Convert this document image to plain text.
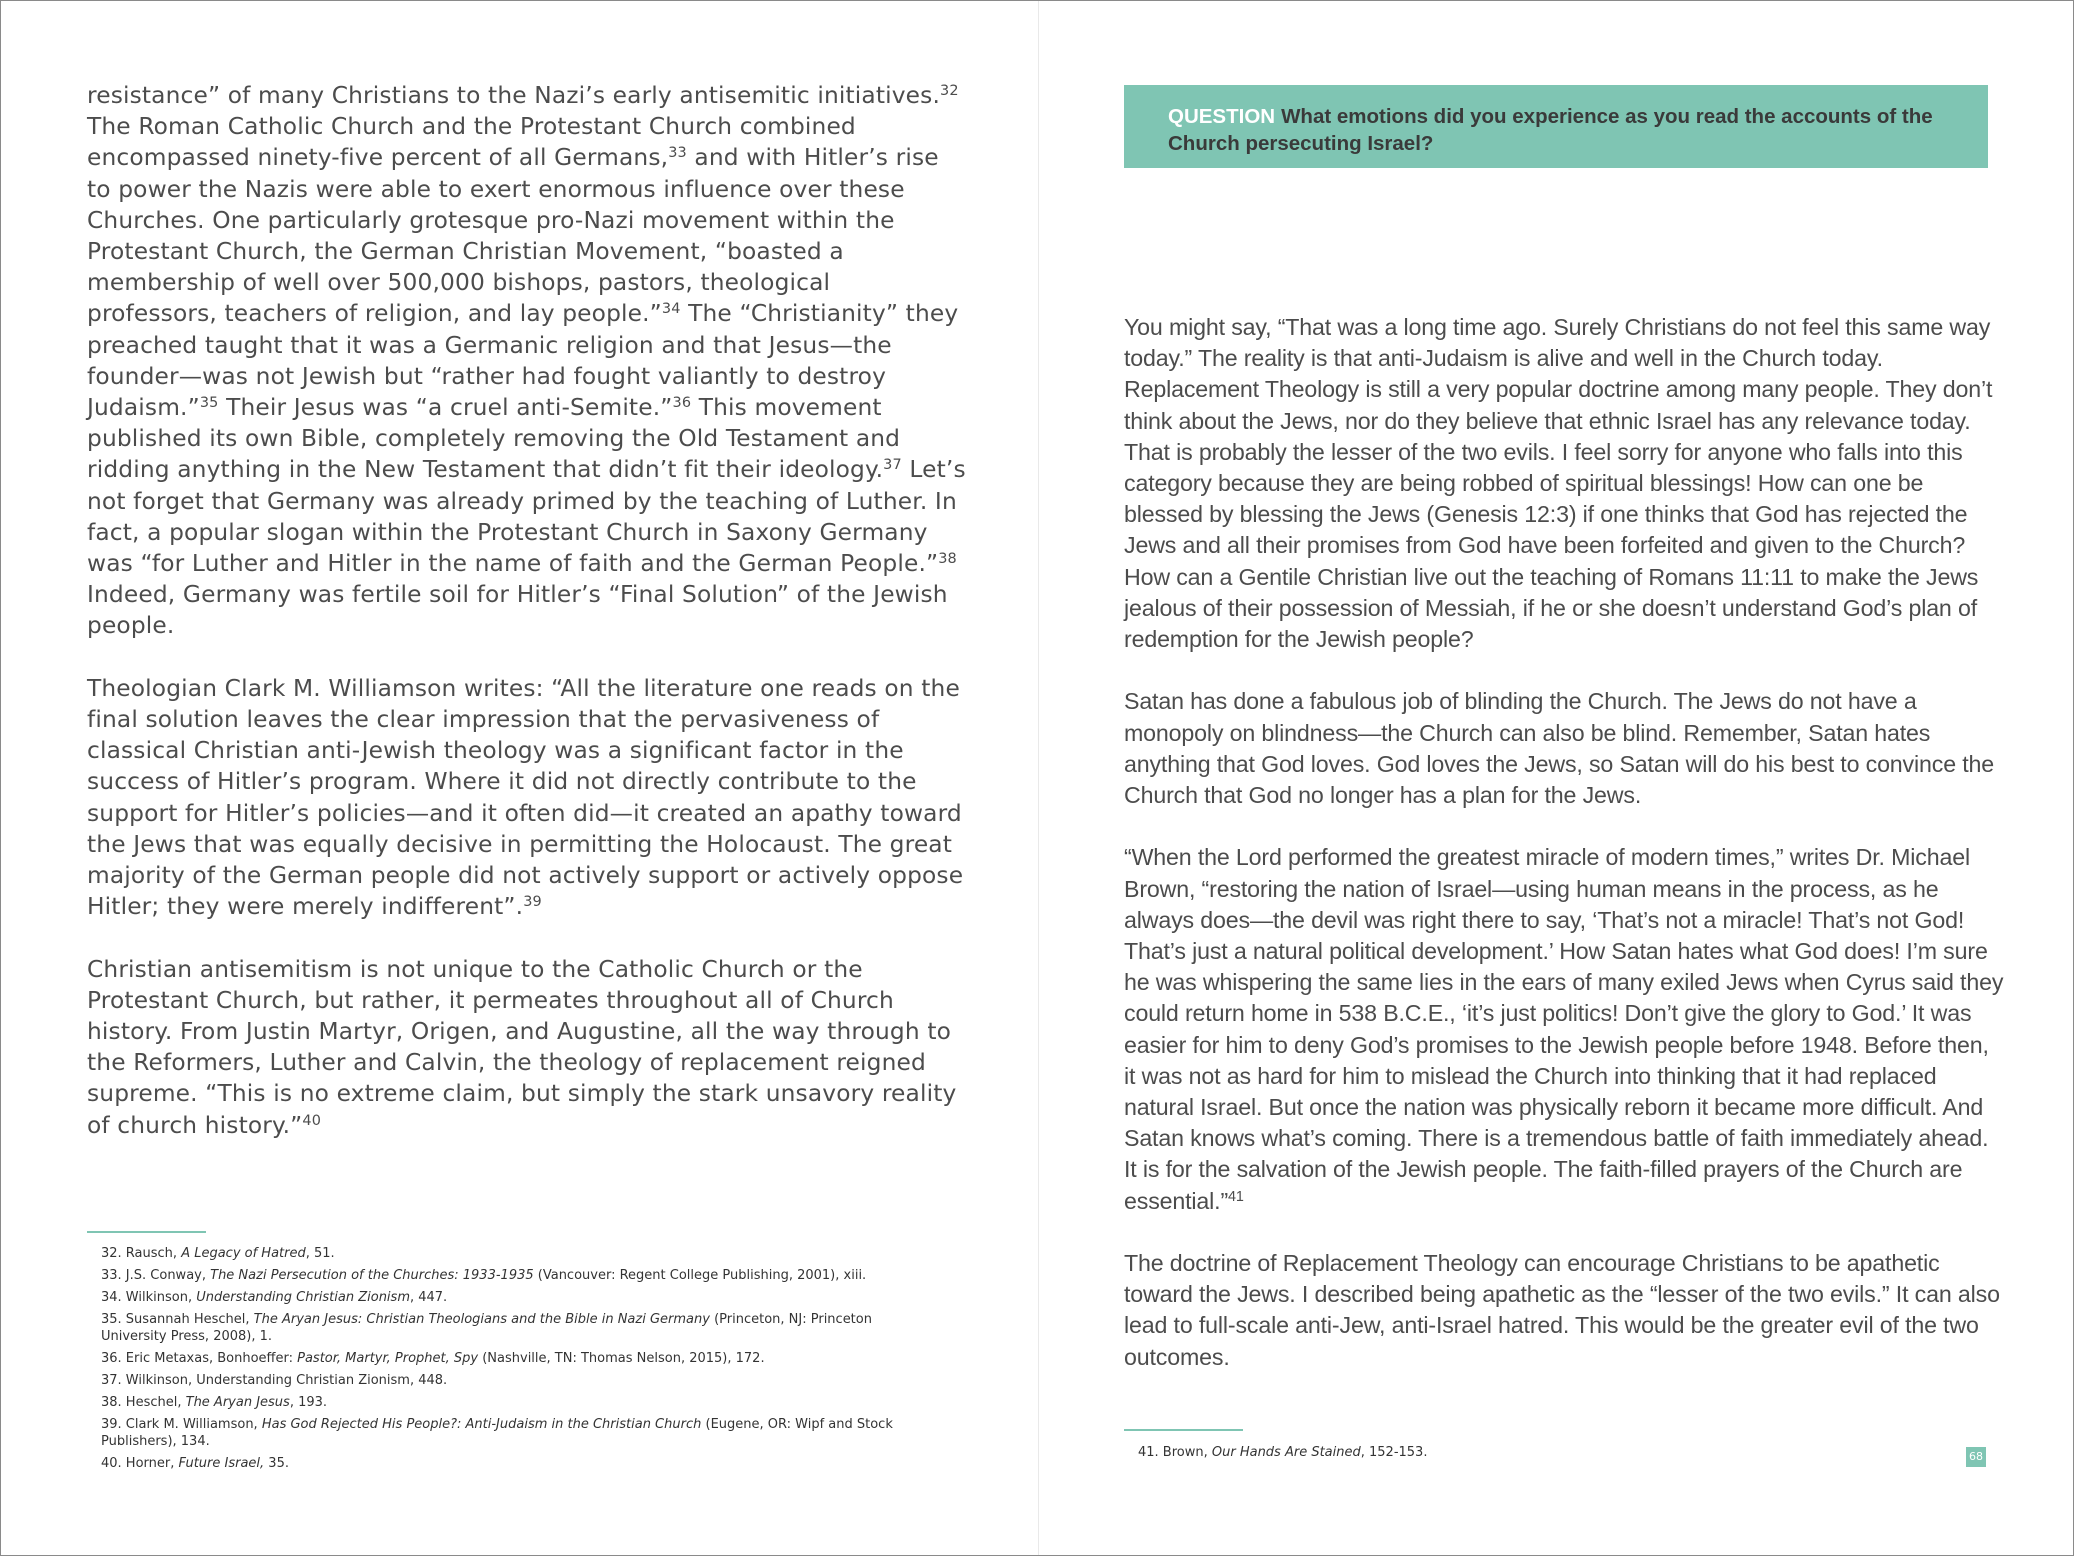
resistance” of many Christians to the Nazi’s early antisemitic initiatives.$^{32}$ The Roman Catholic Church and the Protestant Church combined encompassed ninety-five percent of all Germans,$^{33}$ and with Hitler’s rise to power the Nazis were able to exert enormous influence over these Churches. One particularly grotesque pro-Nazi movement within the Protestant Church, the German Christian Movement, “boasted a membership of well over 500,000 bishops, pastors, theological professors, teachers of religion, and lay people.”$^{34}$ The “Christianity” they preached taught that it was a Germanic religion and that Jesus—the founder—was not Jewish but “rather had fought valiantly to destroy Judaism.”$^{35}$ Their Jesus was “a cruel anti-Semite.”$^{36}$ This movement published its own Bible, completely removing the Old Testament and ridding anything in the New Testament that didn’t fit their ideology.$^{37}$ Let’s not forget that Germany was already primed by the teaching of Luther. In fact, a popular slogan within the Protestant Church in Saxony Germany was “for Luther and Hitler in the name of faith and the German People.”$^{38}$ Indeed, Germany was fertile soil for Hitler’s “Final Solution” of the Jewish people.

Theologian Clark M. Williamson writes: “All the literature one reads on the final solution leaves the clear impression that the pervasiveness of classical Christian anti-Jewish theology was a significant factor in the success of Hitler’s program. Where it did not directly contribute to the support for Hitler’s policies—and it often did—it created an apathy toward the Jews that was equally decisive in permitting the Holocaust. The great majority of the German people did not actively support or actively oppose Hitler; they were merely indifferent”.$^{39}$

Christian antisemitism is not unique to the Catholic Church or the Protestant Church, but rather, it permeates throughout all of Church history. From Justin Martyr, Origen, and Augustine, all the way through to the Reformers, Luther and Calvin, the theology of replacement reigned supreme. “This is no extreme claim, but simply the stark unsavory reality of church history.”$^{40}$

32. Rausch, A Legacy of Hatred, 51.
33. J.S. Conway, The Nazi Persecution of the Churches: 1933-1935 (Vancouver: Regent College Publishing, 2001), xiii.
34. Wilkinson, Understanding Christian Zionism, 447.
35. Susannah Heschel, The Aryan Jesus: Christian Theologians and the Bible in Nazi Germany (Princeton, NJ: Princeton University Press, 2008), 1.
36. Eric Metaxas, Bonhoeffer: Pastor, Martyr, Prophet, Spy (Nashville, TN: Thomas Nelson, 2015), 172.
37. Wilkinson, Understanding Christian Zionism, 448.
38. Heschel, The Aryan Jesus, 193.
39. Clark M. Williamson, Has God Rejected His People?: Anti-Judaism in the Christian Church (Eugene, OR: Wipf and Stock Publishers), 134.
40. Horner, Future Israel, 35.
QUESTION What emotions did you experience as you read the accounts of the Church persecuting Israel?

You might say, “That was a long time ago. Surely Christians do not feel this same way today.” The reality is that anti-Judaism is alive and well in the Church today. Replacement Theology is still a very popular doctrine among many people. They don’t think about the Jews, nor do they believe that ethnic Israel has any relevance today. That is probably the lesser of the two evils. I feel sorry for anyone who falls into this category because they are being robbed of spiritual blessings! How can one be blessed by blessing the Jews (Genesis 12:3) if one thinks that God has rejected the Jews and all their promises from God have been forfeited and given to the Church? How can a Gentile Christian live out the teaching of Romans 11:11 to make the Jews jealous of their possession of Messiah, if he or she doesn’t understand God’s plan of redemption for the Jewish people?

Satan has done a fabulous job of blinding the Church. The Jews do not have a monopoly on blindness—the Church can also be blind. Remember, Satan hates anything that God loves. God loves the Jews, so Satan will do his best to convince the Church that God no longer has a plan for the Jews.

“When the Lord performed the greatest miracle of modern times,” writes Dr. Michael Brown, “restoring the nation of Israel—using human means in the process, as he always does—the devil was right there to say, ‘That’s not a miracle! That’s not God! That’s just a natural political development.’ How Satan hates what God does! I’m sure he was whispering the same lies in the ears of many exiled Jews when Cyrus said they could return home in 538 B.C.E., ‘it’s just politics! Don’t give the glory to God.’ It was easier for him to deny God’s promises to the Jewish people before 1948. Before then, it was not as hard for him to mislead the Church into thinking that it had replaced natural Israel. But once the nation was physically reborn it became more difficult. And Satan knows what’s coming. There is a tremendous battle of faith immediately ahead. It is for the salvation of the Jewish people. The faith-filled prayers of the Church are essential.”$^{41}$

The doctrine of Replacement Theology can encourage Christians to be apathetic toward the Jews. I described being apathetic as the “lesser of the two evils.” It can also lead to full-scale anti-Jew, anti-Israel hatred. This would be the greater evil of the two outcomes.

41. Brown, Our Hands Are Stained, 152-153.	68
